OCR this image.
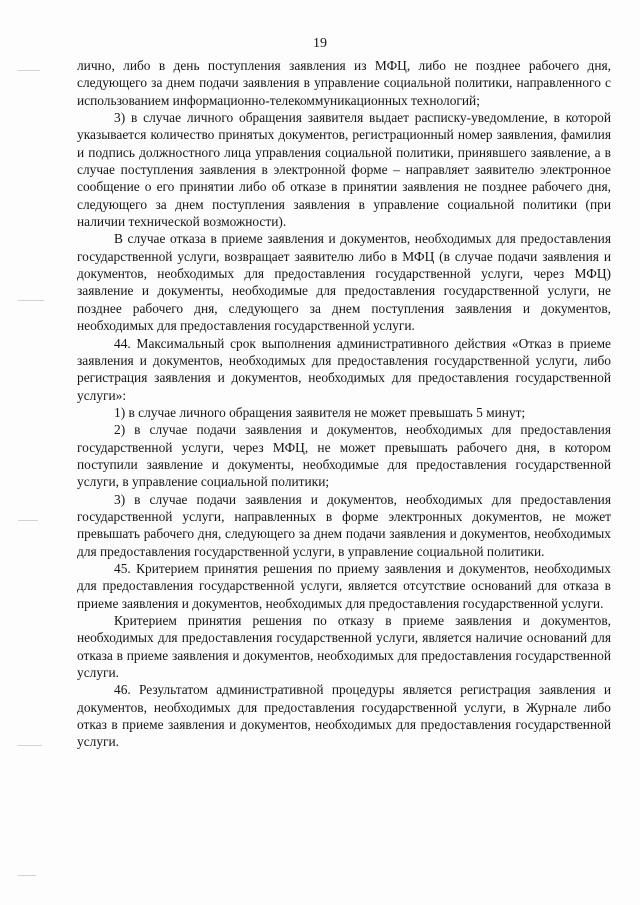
19

лично, либо в день поступления заявления из МФЦ, либо не позднее рабочего дня, следующего за днем подачи заявления в управление социальной политики, направленного с использованием информационно-телекоммуникационных технологий;

3) в случае личного обращения заявителя выдает расписку-уведомление, в которой указывается количество принятых документов, регистрационный номер заявления, фамилия и подпись должностного лица управления социальной политики, принявшего заявление, а в случае поступления заявления в электронной форме – направляет заявителю электронное сообщение о его принятии либо об отказе в принятии заявления не позднее рабочего дня, следующего за днем поступления заявления в управление социальной политики (при наличии технической возможности).

В случае отказа в приеме заявления и документов, необходимых для предоставления государственной услуги, возвращает заявителю либо в МФЦ (в случае подачи заявления и документов, необходимых для предоставления государственной услуги, через МФЦ) заявление и документы, необходимые для предоставления государственной услуги, не позднее рабочего дня, следующего за днем поступления заявления и документов, необходимых для предоставления государственной услуги.

44. Максимальный срок выполнения административного действия «Отказ в приеме заявления и документов, необходимых для предоставления государственной услуги, либо регистрация заявления и документов, необходимых для предоставления государственной услуги»:

1) в случае личного обращения заявителя не может превышать 5 минут;

2) в случае подачи заявления и документов, необходимых для предоставления государственной услуги, через МФЦ, не может превышать рабочего дня, в котором поступили заявление и документы, необходимые для предоставления государственной услуги, в управление социальной политики;

3) в случае подачи заявления и документов, необходимых для предоставления государственной услуги, направленных в форме электронных документов, не может превышать рабочего дня, следующего за днем подачи заявления и документов, необходимых для предоставления государственной услуги, в управление социальной политики.

45. Критерием принятия решения по приему заявления и документов, необходимых для предоставления государственной услуги, является отсутствие оснований для отказа в приеме заявления и документов, необходимых для предоставления государственной услуги.

Критерием принятия решения по отказу в приеме заявления и документов, необходимых для предоставления государственной услуги, является наличие оснований для отказа в приеме заявления и документов, необходимых для предоставления государственной услуги.

46. Результатом административной процедуры является регистрация заявления и документов, необходимых для предоставления государственной услуги, в Журнале либо отказ в приеме заявления и документов, необходимых для предоставления государственной услуги.
